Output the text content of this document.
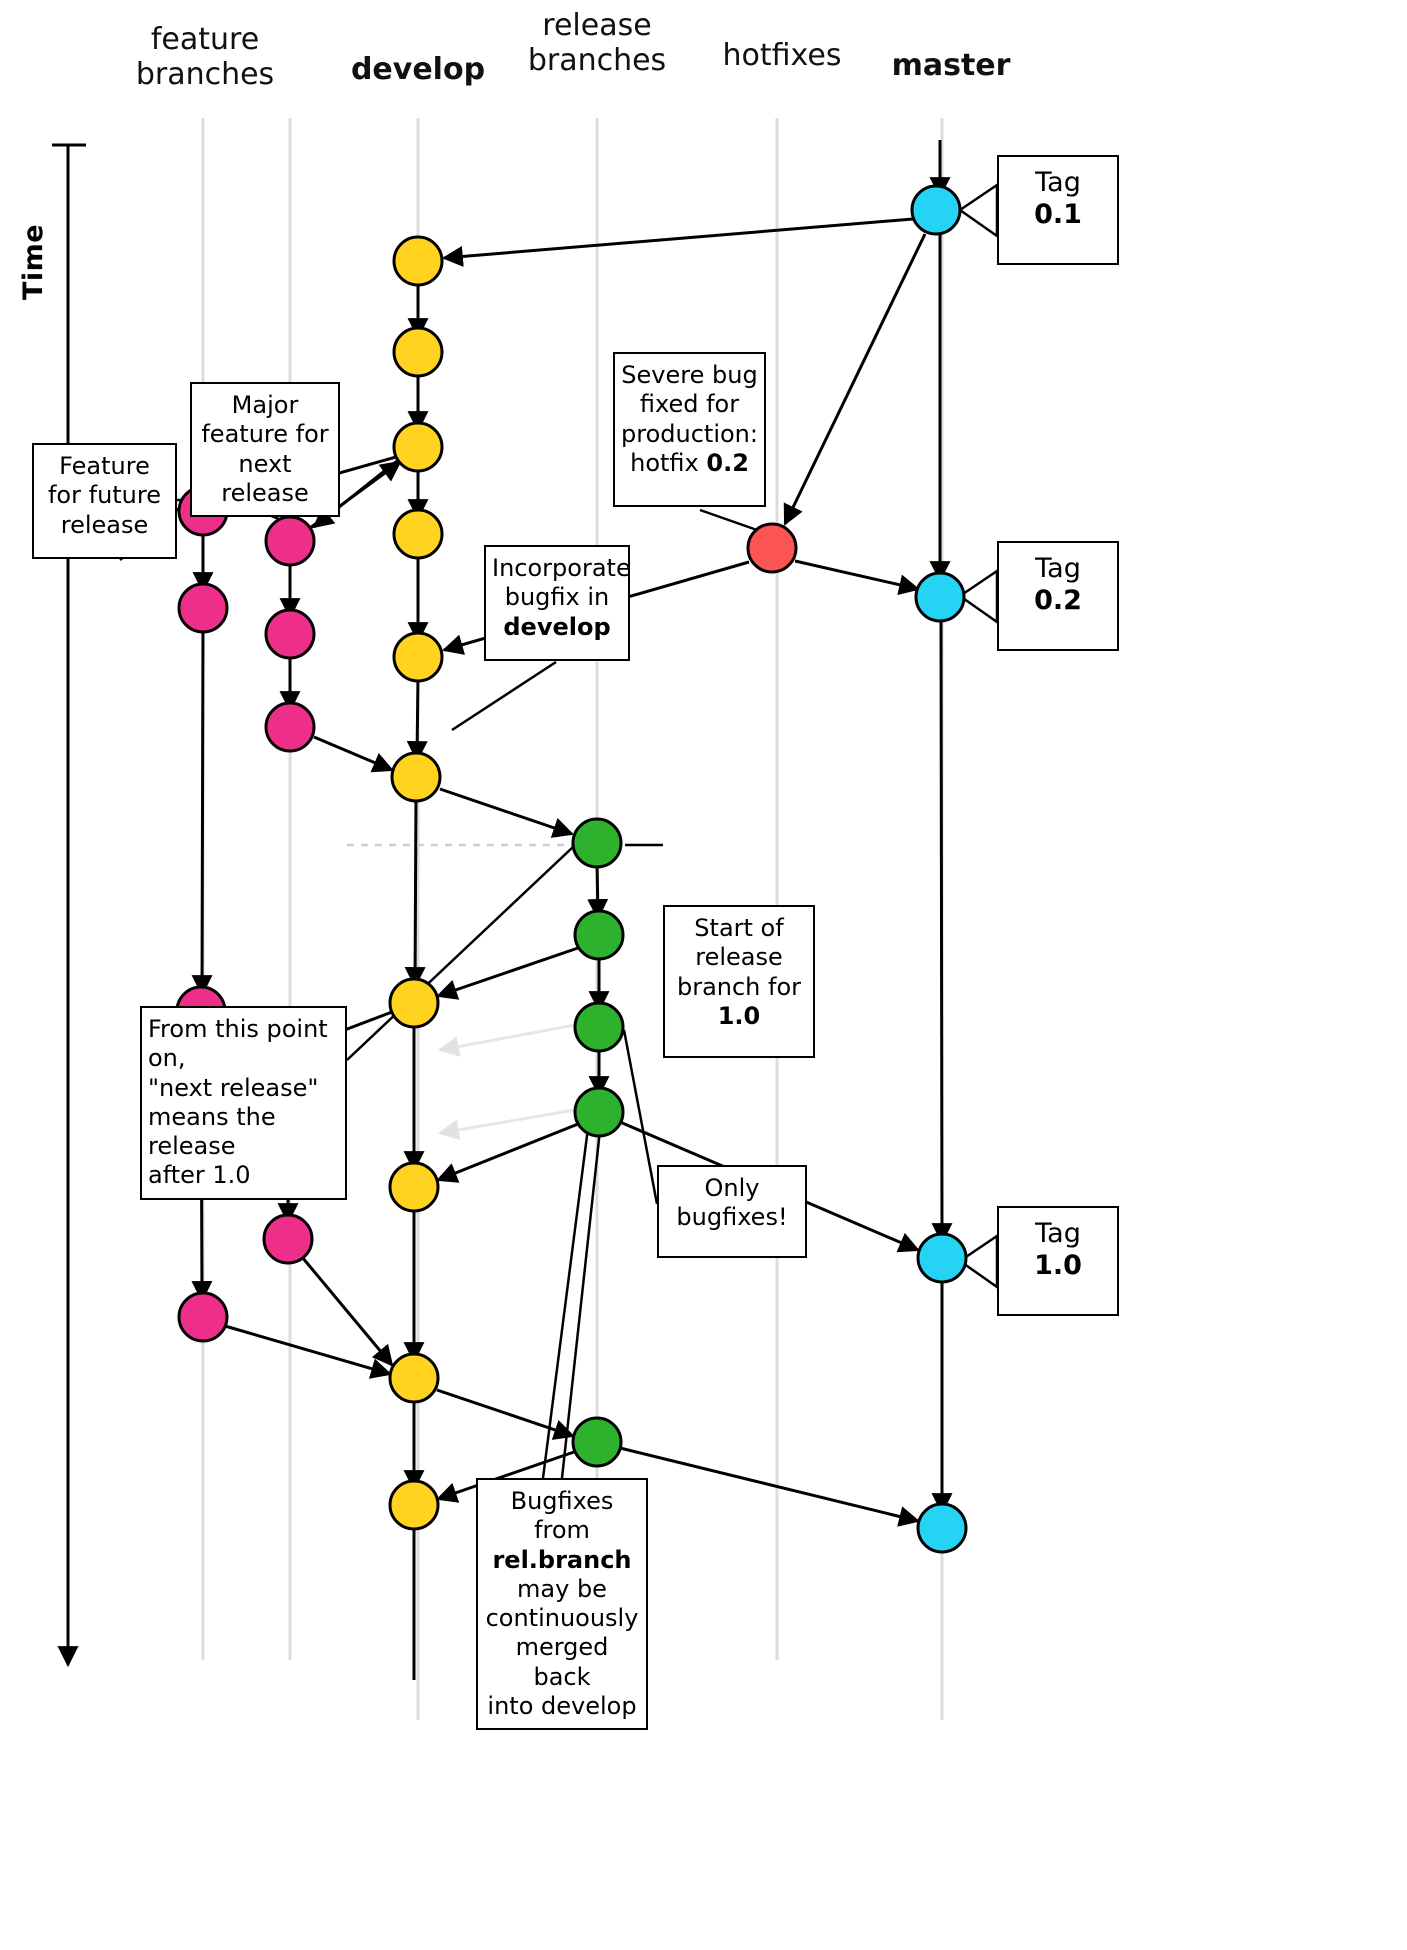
feature
branches	develop
release
branches	hotfixes	master
Time
Feature
for future
release
Major
feature for
next release
Incorporate
bugfix in
develop
Severe bug
fixed for
production:
hotfix 0.2
From this point on,
"next release"
means the release
after 1.0
Start of
release
branch for
1.0
Only
bugfixes!
Bugfixes from
rel.branch
may be
continuously
merged back
into develop
Tag
0.1
Tag
0.2
Tag
1.0
